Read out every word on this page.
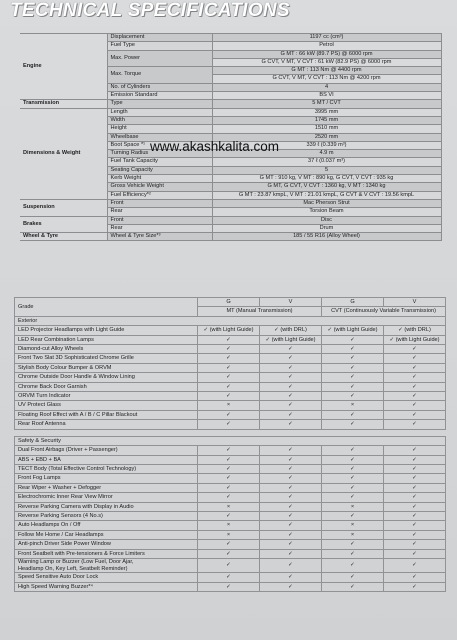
TECHNICAL SPECIFICATIONS
Engine	Displacement	1197 cc (cm³)
	Fuel Type	Petrol
	Max. Power	G MT : 66 kW (89.7 PS) @ 6000 rpm
		G CVT, V MT, V CVT : 61 kW (82.9 PS) @ 6000 rpm
	Max. Torque	G MT : 113 Nm @ 4400 rpm
		G CVT, V MT, V CVT : 113 Nm @ 4200 rpm
	No. of Cylinders	4
	Emission Standard	BS VI
Transmission	Type	5 MT / CVT
Dimensions & Weight	Length	3995 mm
	Width	1745 mm
	Height	1510 mm
	Wheelbase	2520 mm
	Boot Space *¹	339 ℓ (0.339 m³)
	Turning Radius	4.9 m
	Fuel Tank Capacity	37 ℓ (0.037 m³)
	Seating Capacity	5
	Kerb Weight	G MT : 910 kg, V MT : 890 kg, G CVT, V CVT : 935 kg
	Gross Vehicle Weight	G MT, G CVT, V CVT : 1360 kg, V MT : 1340 kg
	Fuel Efficiency*²	G MT : 23.87 kmpL, V MT : 21.01 kmpL, G CVT & V CVT : 19.56 kmpL
Suspension	Front	Mac Pherson Strut
	Rear	Torsion Beam
Brakes	Front	Disc
	Rear	Drum
Wheel & Tyre	Wheel & Tyre Size*³	185 / 55 R16 (Alloy Wheel)
www.akashkalita.com
Grade	G	V	G	V
	MT (Manual Transmission)		CVT (Continuously Variable Transmission)	
Exterior				
LED Projector Headlamps with Light Guide	✓ (with Light Guide)	✓ (with DRL)	✓ (with Light Guide)	✓ (with DRL)
LED Rear Combination Lamps	✓	✓ (with Light Guide)	✓	✓ (with Light Guide)
Diamond-cut Alloy Wheels	✓	✓	✓	✓
Front Two Slat 3D Sophisticated Chrome Grille	✓	✓	✓	✓
Stylish Body Colour Bumper & ORVM	✓	✓	✓	✓
Chrome Outside Door Handle & Window Lining	✓	✓	✓	✓
Chrome Back Door Garnish	✓	✓	✓	✓
ORVM Turn Indicator	✓	✓	✓	✓
UV Protect Glass	×	✓	×	✓
Floating Roof Effect with A / B / C Pillar Blackout	✓	✓	✓	✓
Rear Roof Antenna	✓	✓	✓	✓

Safety & Security				
Dual Front Airbags (Driver + Passenger)	✓	✓	✓	✓
ABS + EBD + BA	✓	✓	✓	✓
TECT Body (Total Effective Control Technology)	✓	✓	✓	✓
Front Fog Lamps	✓	✓	✓	✓
Rear Wiper + Washer + Defogger	✓	✓	✓	✓
Electrochromic Inner Rear View Mirror	✓	✓	✓	✓
Reverse Parking Camera with Display in Audio	×	✓	×	✓
Reverse Parking Sensors (4 No.s)	✓	✓	✓	✓
Auto Headlamps On / Off	×	✓	×	✓
Follow Me Home / Car Headlamps	×	✓	×	✓
Anti-pinch Driver Side Power Window	✓	✓	✓	✓
Front Seatbelt with Pre-tensioners & Force Limiters	✓	✓	✓	✓

Warning Lamp or Buzzer (Low Fuel, Door Ajar,
Headlamp On, Key Left, Seatbelt Reminder)	✓	✓	✓	✓
Speed Sensitive Auto Door Lock	✓	✓	✓	✓
High Speed Warning Buzzer*⁴	✓	✓	✓	✓
